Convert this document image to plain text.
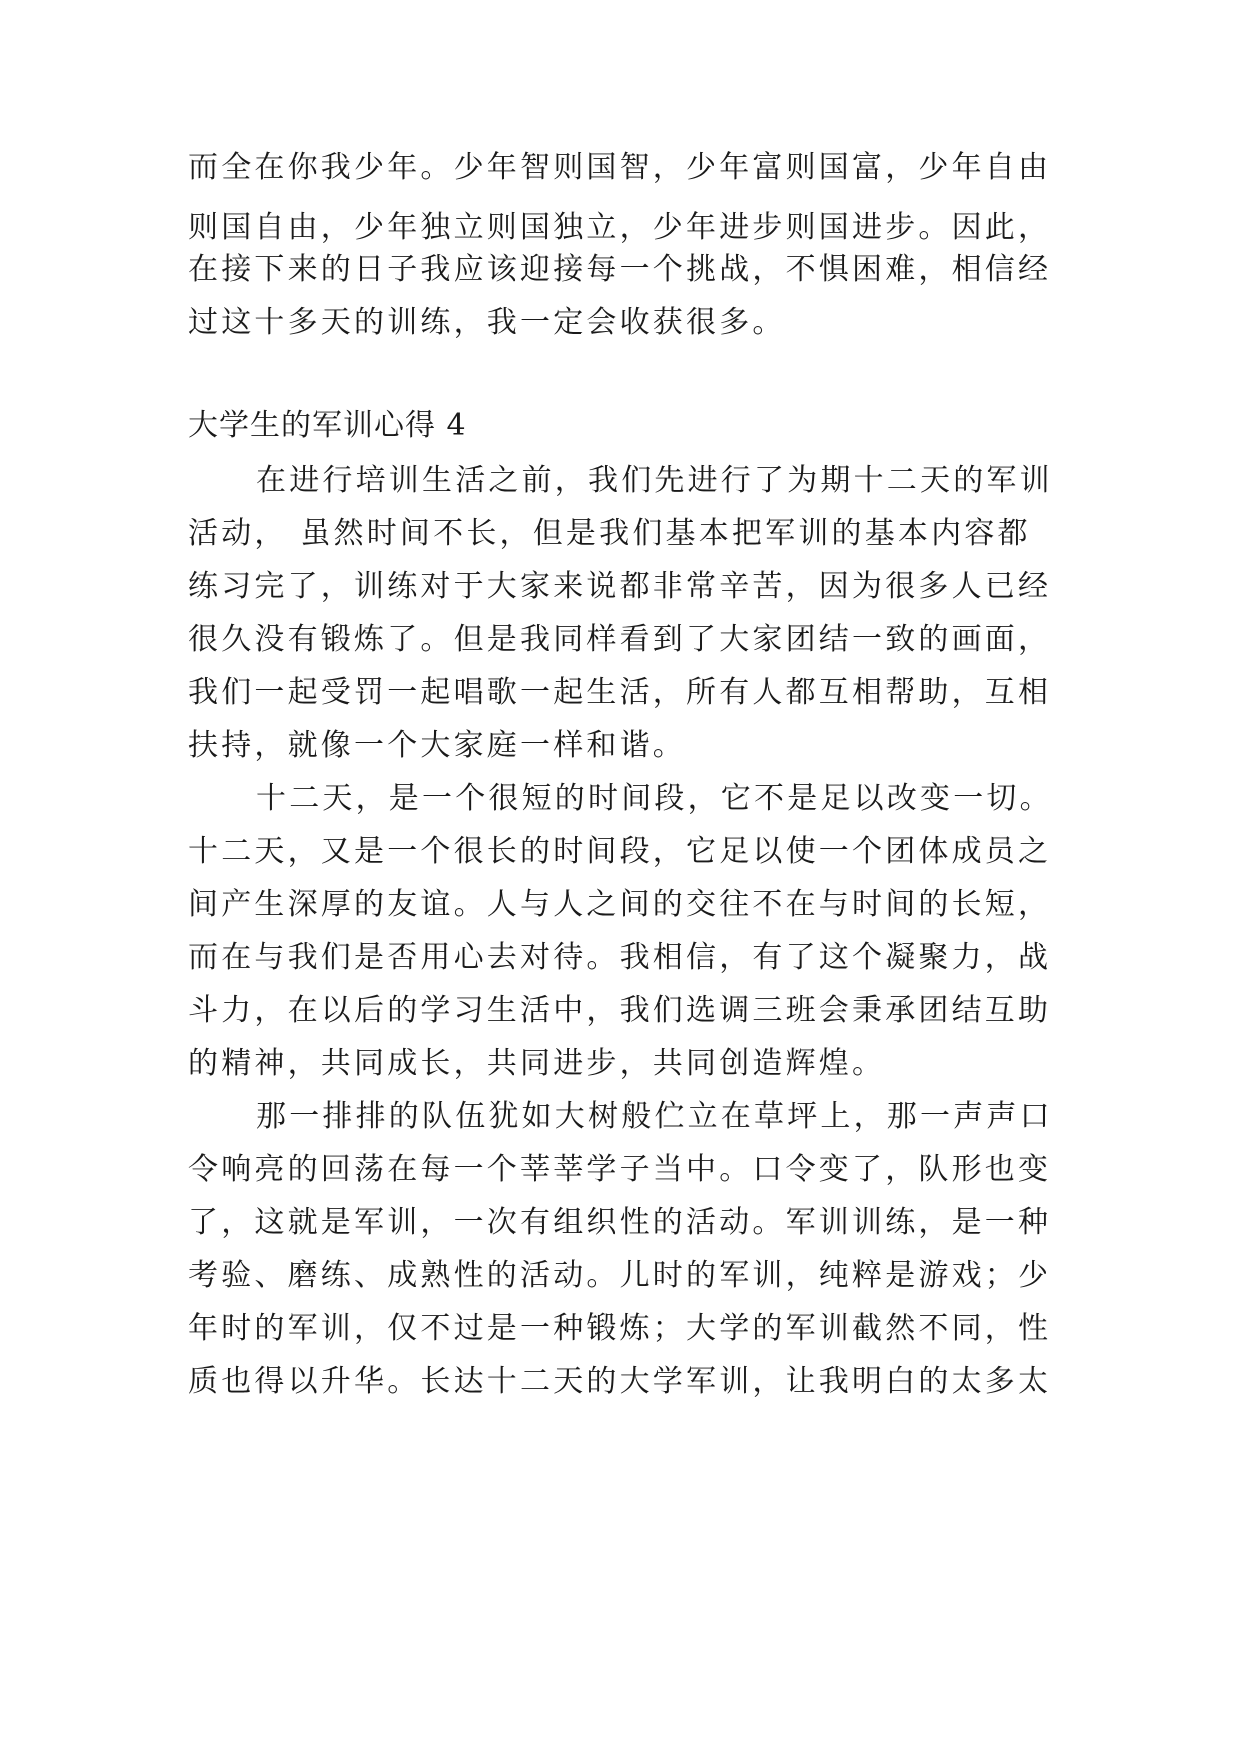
而全在你我少年。少年智则国智，少年富则国富，少年自由
则国自由，少年独立则国独立，少年进步则国进步。因此，
在接下来的日子我应该迎接每一个挑战，不惧困难，相信经
过这十多天的训练，我一定会收获很多。
大学生的军训心得 4
在进行培训生活之前，我们先进行了为期十二天的军训
活动， 虽然时间不长，但是我们基本把军训的基本内容都
练习完了，训练对于大家来说都非常辛苦，因为很多人已经
很久没有锻炼了。但是我同样看到了大家团结一致的画面，
我们一起受罚一起唱歌一起生活，所有人都互相帮助，互相
扶持，就像一个大家庭一样和谐。
十二天，是一个很短的时间段，它不是足以改变一切。
十二天，又是一个很长的时间段，它足以使一个团体成员之
间产生深厚的友谊。人与人之间的交往不在与时间的长短，
而在与我们是否用心去对待。我相信，有了这个凝聚力，战
斗力，在以后的学习生活中，我们选调三班会秉承团结互助
的精神，共同成长，共同进步，共同创造辉煌。
那一排排的队伍犹如大树般伫立在草坪上，那一声声口
令响亮的回荡在每一个莘莘学子当中。口令变了，队形也变
了，这就是军训，一次有组织性的活动。军训训练，是一种
考验、磨练、成熟性的活动。儿时的军训，纯粹是游戏；少
年时的军训，仅不过是一种锻炼；大学的军训截然不同，性
质也得以升华。长达十二天的大学军训，让我明白的太多太
